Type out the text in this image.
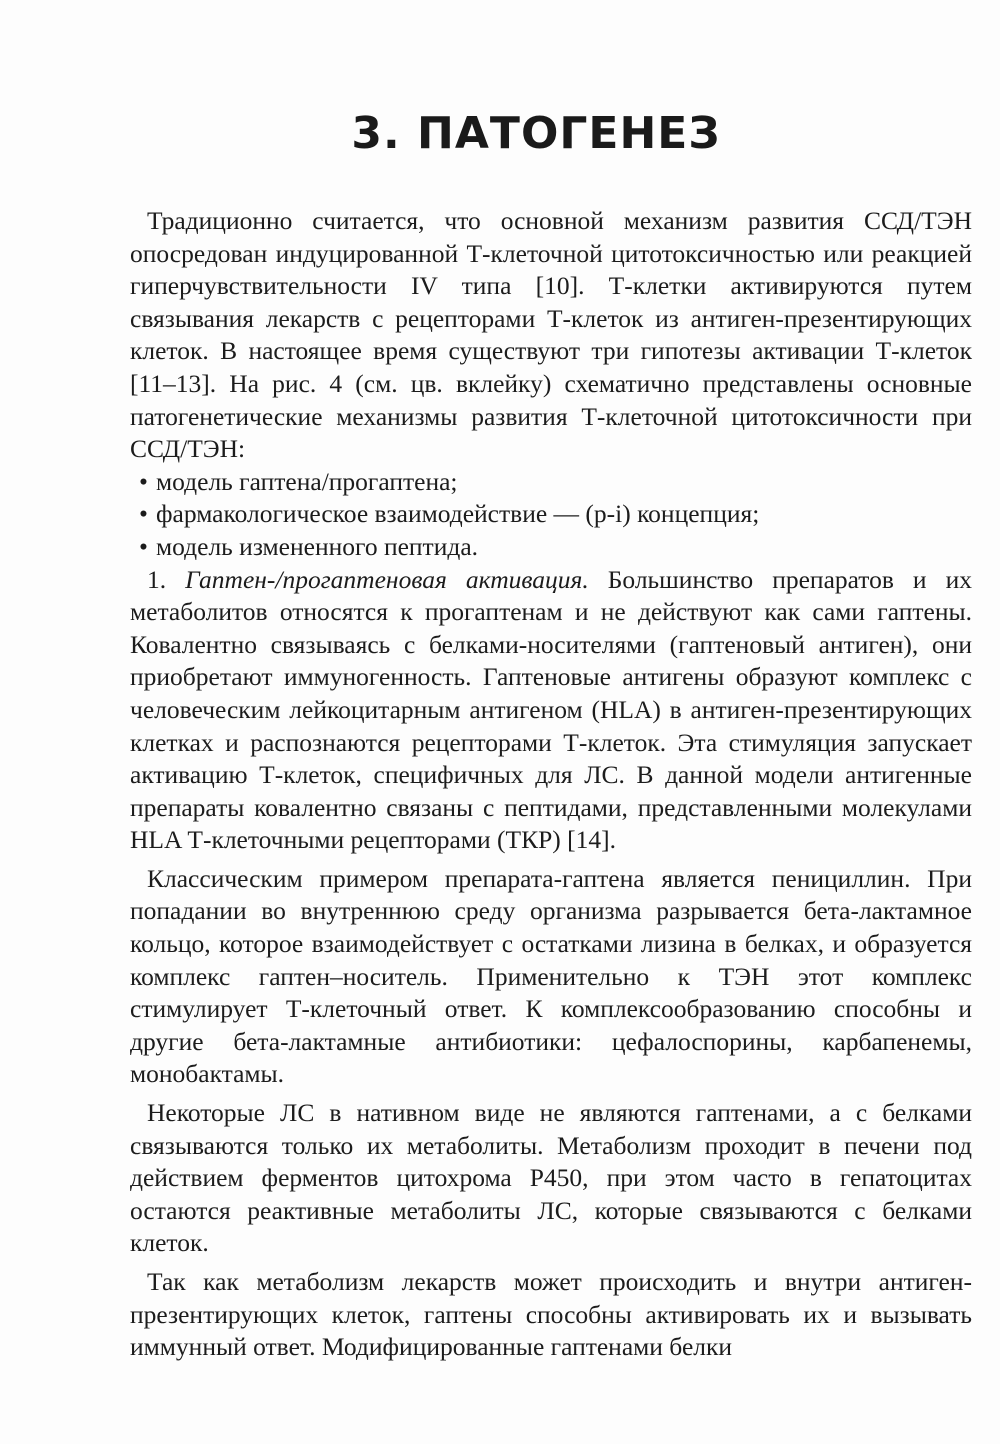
3. ПАТОГЕНЕЗ

Традиционно считается, что основной механизм развития ССД/ТЭН опосредован индуцированной Т-клеточной цитотоксичностью или реакцией гиперчувствительности IV типа [10]. Т-клетки активируются путем связывания лекарств с рецепторами Т-клеток из антиген-презентирующих клеток. В настоящее время существуют три гипотезы активации Т-клеток [11–13]. На рис. 4 (см. цв. вклейку) схематично представлены основные патогенетические механизмы развития Т-клеточной цитотоксичности при ССД/ТЭН:

• модель гаптена/прогаптена;
• фармакологическое взаимодействие — (p-i) концепция;
• модель измененного пептида.

1. Гаптен-/прогаптеновая активация. Большинство препаратов и их метаболитов относятся к прогаптенам и не действуют как сами гаптены. Ковалентно связываясь с белками-носителями (гаптеновый антиген), они приобретают иммуногенность. Гаптеновые антигены образуют комплекс с человеческим лейкоцитарным антигеном (HLA) в антиген-презентирующих клетках и распознаются рецепторами Т-клеток. Эта стимуляция запускает активацию Т-клеток, специфичных для ЛС. В данной модели антигенные препараты ковалентно связаны с пептидами, представленными молекулами HLA Т-клеточными рецепторами (ТКР) [14].

Классическим примером препарата-гаптена является пенициллин. При попадании во внутреннюю среду организма разрывается бета-лактамное кольцо, которое взаимодействует с остатками лизина в белках, и образуется комплекс гаптен–носитель. Применительно к ТЭН этот комплекс стимулирует Т-клеточный ответ. К комплексообразованию способны и другие бета-лактамные антибиотики: цефалоспорины, карбапенемы, монобактамы.

Некоторые ЛС в нативном виде не являются гаптенами, а с белками связываются только их метаболиты. Метаболизм проходит в печени под действием ферментов цитохрома P450, при этом часто в гепатоцитах остаются реактивные метаболиты ЛС, которые связываются с белками клеток.

Так как метаболизм лекарств может происходить и внутри антиген-презентирующих клеток, гаптены способны активировать их и вызывать иммунный ответ. Модифицированные гаптенами белки
